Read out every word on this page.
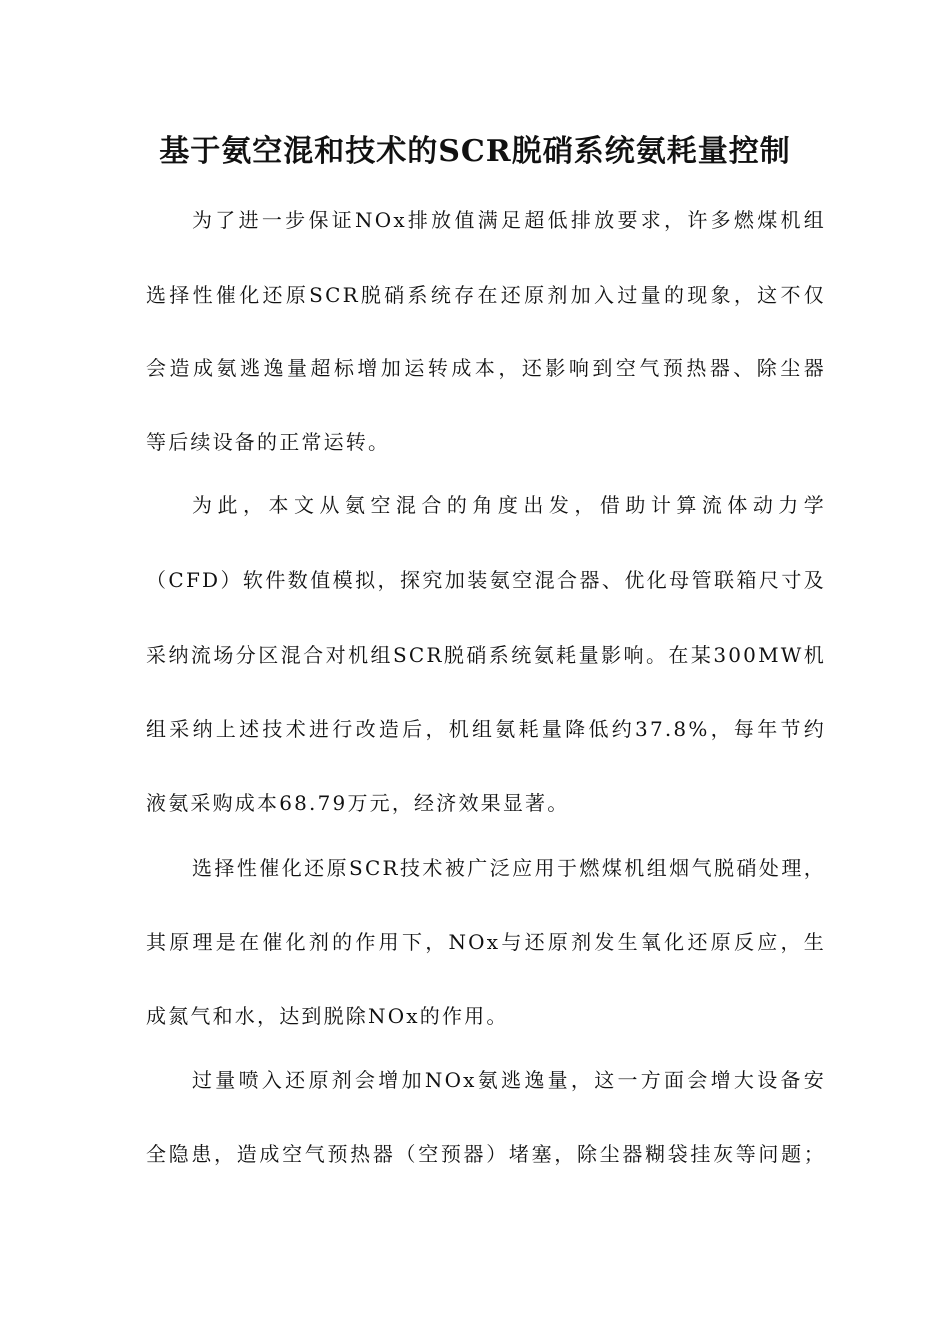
基于氨空混和技术的SCR脱硝系统氨耗量控制
为了进一步保证NOx排放值满足超低排放要求，许多燃煤机组
选择性催化还原SCR脱硝系统存在还原剂加入过量的现象，这不仅
会造成氨逃逸量超标增加运转成本，还影响到空气预热器、除尘器
等后续设备的正常运转。
为此，本文从氨空混合的角度出发，借助计算流体动力学
（CFD）软件数值模拟，探究加装氨空混合器、优化母管联箱尺寸及
采纳流场分区混合对机组SCR脱硝系统氨耗量影响。在某300MW机
组采纳上述技术进行改造后，机组氨耗量降低约37.8%，每年节约
液氨采购成本68.79万元，经济效果显著。
选择性催化还原SCR技术被广泛应用于燃煤机组烟气脱硝处理，
其原理是在催化剂的作用下，NOx与还原剂发生氧化还原反应，生
成氮气和水，达到脱除NOx的作用。
过量喷入还原剂会增加NOx氨逃逸量，这一方面会增大设备安
全隐患，造成空气预热器（空预器）堵塞，除尘器糊袋挂灰等问题；
